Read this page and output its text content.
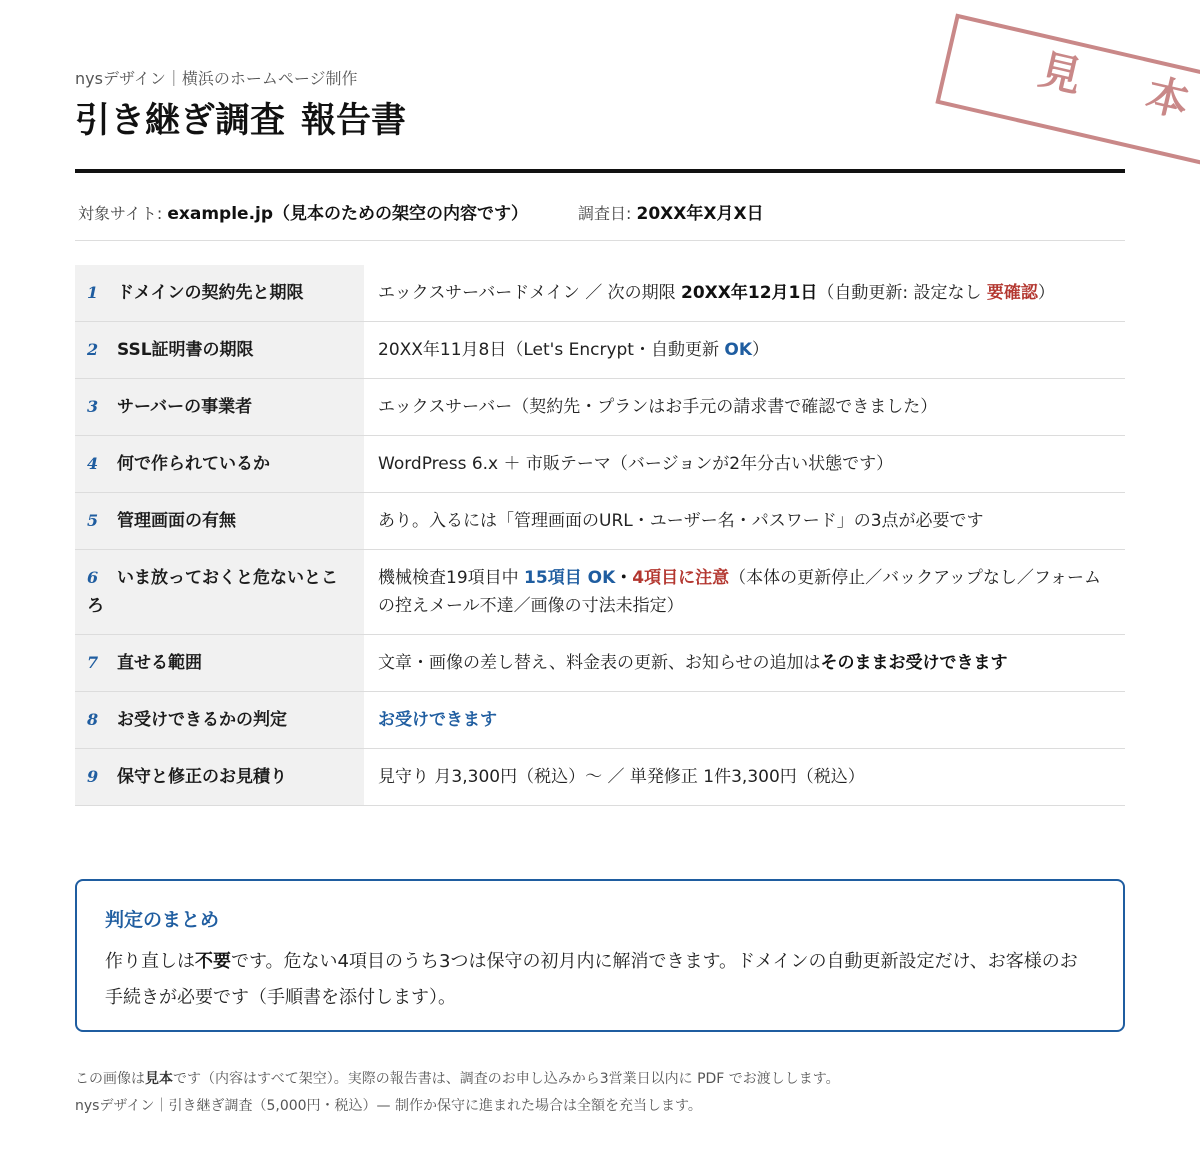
見 本
nysデザイン｜横浜のホームページ制作
引き継ぎ調査 報告書
対象サイト: example.jp（見本のための架空の内容です）	調査日: 20XX年X月X日
1 ドメインの契約先と期限	エックスサーバードメイン ／ 次の期限 20XX年12月1日（自動更新: 設定なし 要確認）
2 SSL証明書の期限	20XX年11月8日（Let's Encrypt・自動更新 OK）
3 サーバーの事業者	エックスサーバー（契約先・プランはお手元の請求書で確認できました）
4 何で作られているか	WordPress 6.x ＋ 市販テーマ（バージョンが2年分古い状態です）
5 管理画面の有無	あり。入るには「管理画面のURL・ユーザー名・パスワード」の3点が必要です
6 いま放っておくと危ないところ	機械検査19項目中 15項目 OK・4項目に注意（本体の更新停止／バックアップなし／フォームの控えメール不達／画像の寸法未指定）
7 直せる範囲	文章・画像の差し替え、料金表の更新、お知らせの追加はそのままお受けできます
8 お受けできるかの判定	お受けできます
9 保守と修正のお見積り	見守り 月3,300円（税込）〜 ／ 単発修正 1件3,300円（税込）
判定のまとめ
作り直しは不要です。危ない4項目のうち3つは保守の初月内に解消できます。ドメインの自動更新設定だけ、お客様のお手続きが必要です（手順書を添付します）。
この画像は見本です（内容はすべて架空）。実際の報告書は、調査のお申し込みから3営業日以内に PDF でお渡しします。
nysデザイン｜引き継ぎ調査（5,000円・税込）— 制作か保守に進まれた場合は全額を充当します。
